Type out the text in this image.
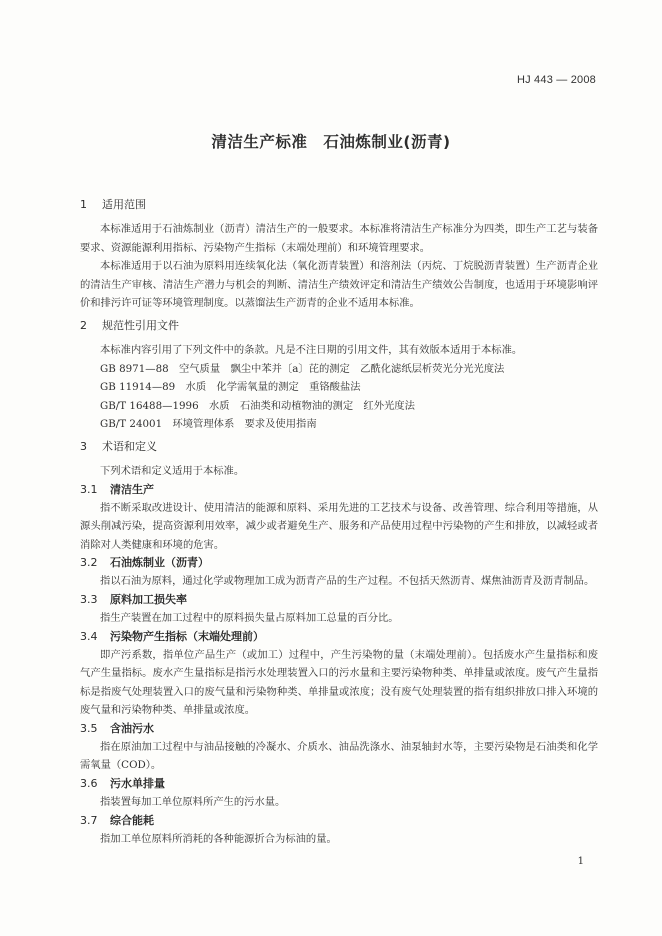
HJ 443 — 2008
清洁生产标准　石油炼制业(沥青)
1 适用范围

本标准适用于石油炼制业（沥青）清洁生产的一般要求。本标准将清洁生产标准分为四类，即生产工艺与装备要求、资源能源利用指标、污染物产生指标（末端处理前）和环境管理要求。

本标准适用于以石油为原料用连续氧化法（氧化沥青装置）和溶剂法（丙烷、丁烷脱沥青装置）生产沥青企业的清洁生产审核、清洁生产潜力与机会的判断、清洁生产绩效评定和清洁生产绩效公告制度，也适用于环境影响评价和排污许可证等环境管理制度。以蒸馏法生产沥青的企业不适用本标准。

2 规范性引用文件

本标准内容引用了下列文件中的条款。凡是不注日期的引用文件，其有效版本适用于本标准。

GB 8971—88　空气质量　飘尘中苯并〔a〕芘的测定　乙酰化滤纸层析荧光分光光度法

GB 11914—89　水质　化学需氧量的测定　重铬酸盐法

GB/T 16488—1996　水质　石油类和动植物油的测定　红外光度法

GB/T 24001　环境管理体系　要求及使用指南

3 术语和定义

下列术语和定义适用于本标准。

3.1 清洁生产

指不断采取改进设计、使用清洁的能源和原料、采用先进的工艺技术与设备、改善管理、综合利用等措施，从源头削减污染，提高资源利用效率，减少或者避免生产、服务和产品使用过程中污染物的产生和排放，以减轻或者消除对人类健康和环境的危害。

3.2 石油炼制业（沥青）

指以石油为原料，通过化学或物理加工成为沥青产品的生产过程。不包括天然沥青、煤焦油沥青及沥青制品。

3.3 原料加工损失率

指生产装置在加工过程中的原料损失量占原料加工总量的百分比。

3.4 污染物产生指标（末端处理前）

即产污系数，指单位产品生产（或加工）过程中，产生污染物的量（末端处理前）。包括废水产生量指标和废气产生量指标。废水产生量指标是指污水处理装置入口的污水量和主要污染物种类、单排量或浓度。废气产生量指标是指废气处理装置入口的废气量和污染物种类、单排量或浓度；没有废气处理装置的指有组织排放口排入环境的废气量和污染物种类、单排量或浓度。

3.5 含油污水

指在原油加工过程中与油品接触的冷凝水、介质水、油品洗涤水、油泵轴封水等，主要污染物是石油类和化学需氧量（COD）。

3.6 污水单排量

指装置每加工单位原料所产生的污水量。

3.7 综合能耗

指加工单位原料所消耗的各种能源折合为标油的量。

1
